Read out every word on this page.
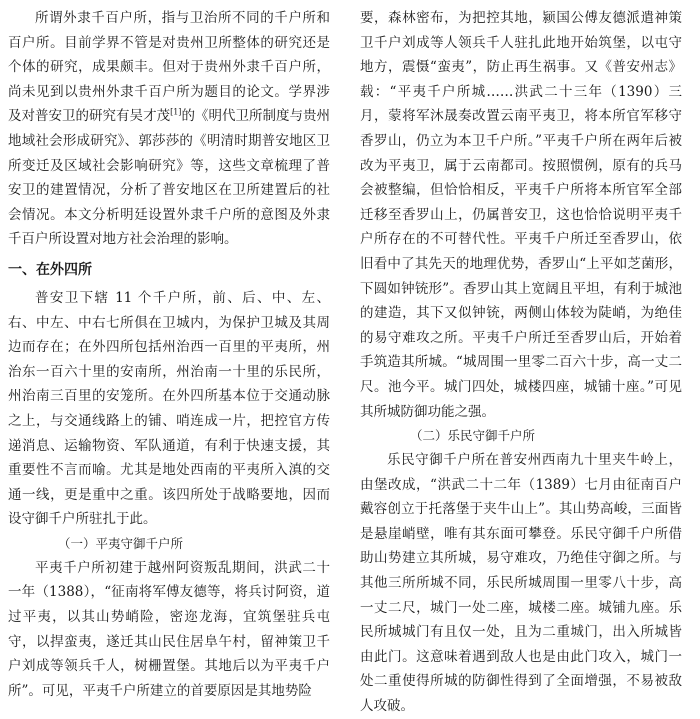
所谓外隶千百户所，指与卫治所不同的千户所和百户所。目前学界不管是对贵州卫所整体的研究还是个体的研究，成果颇丰。但对于贵州外隶千百户所，尚未见到以贵州外隶千百户所为题目的论文。学界涉及对普安卫的研究有吴才茂[1]的《明代卫所制度与贵州地域社会形成研究》、郭莎莎的《明清时期普安地区卫所变迁及区域社会影响研究》等，这些文章梳理了普安卫的建置情况，分析了普安地区在卫所建置后的社会情况。本文分析明廷设置外隶千户所的意图及外隶千百户所设置对地方社会治理的影响。

一、在外四所

普安卫下辖 11 个千户所，前、后、中、左、右、中左、中右七所俱在卫城内，为保护卫城及其周边而存在；在外四所包括州治西一百里的平夷所，州治东一百六十里的安南所，州治南一十里的乐民所，州治南三百里的安笼所。在外四所基本位于交通动脉之上，与交通线路上的铺、哨连成一片，把控官方传递消息、运输物资、军队通道，有利于快速支援，其重要性不言而喻。尤其是地处西南的平夷所入滇的交通一线，更是重中之重。该四所处于战略要地，因而设守御千户所驻扎于此。

（一）平夷守御千户所

平夷千户所初建于越州阿资叛乱期间，洪武二十一年（1388），“征南将军傅友德等，将兵讨阿资，道过平夷，以其山势峭险，密迩龙海，宜筑堡驻兵屯守，以捍蛮夷，遂迁其山民住居阜午村，留神策卫千户刘成等领兵千人，树栅置堡。其地后以为平夷千户所”。可见，平夷千户所建立的首要原因是其地势险

要，森林密布，为把控其地，颍国公傅友德派遣神策卫千户刘成等人领兵千人驻扎此地开始筑堡，以屯守地方，震慑“蛮夷”，防止再生祸事。又《普安州志》载：“平夷千户所城……洪武二十三年（1390）三月，蒙将军沐晟奏改置云南平夷卫，将本所官军移守香罗山，仍立为本卫千户所。”平夷千户所在两年后被改为平夷卫，属于云南都司。按照惯例，原有的兵马会被整编，但恰恰相反，平夷千户所将本所官军全部迁移至香罗山上，仍属普安卫，这也恰恰说明平夷千户所存在的不可替代性。平夷千户所迁至香罗山，依旧看中了其先天的地理优势，香罗山“上平如芝菌形，下圆如钟铳形”。香罗山其上宽阔且平坦，有利于城池的建造，其下又似钟铳，两侧山体较为陡峭，为绝佳的易守难攻之所。平夷千户所迁至香罗山后，开始着手筑造其所城。“城周围一里零二百六十步，高一丈二尺。池今平。城门四处，城楼四座，城铺十座。”可见其所城防御功能之强。

（二）乐民守御千户所

乐民守御千户所在普安州西南九十里夹牛岭上，由堡改成，“洪武二十二年（1389）七月由征南百户戴容创立于托落堡于夹牛山上”。其山势高峻，三面皆是悬崖峭壁，唯有其东面可攀登。乐民守御千户所借助山势建立其所城，易守难攻，乃绝佳守御之所。与其他三所所城不同，乐民所城周围一里零八十步，高一丈二尺，城门一处二座，城楼二座。城铺九座。乐民所城城门有且仅一处，且为二重城门，出入所城皆由此门。这意味着遇到敌人也是由此门攻入，城门一处二重使得所城的防御性得到了全面增强，不易被敌人攻破。
